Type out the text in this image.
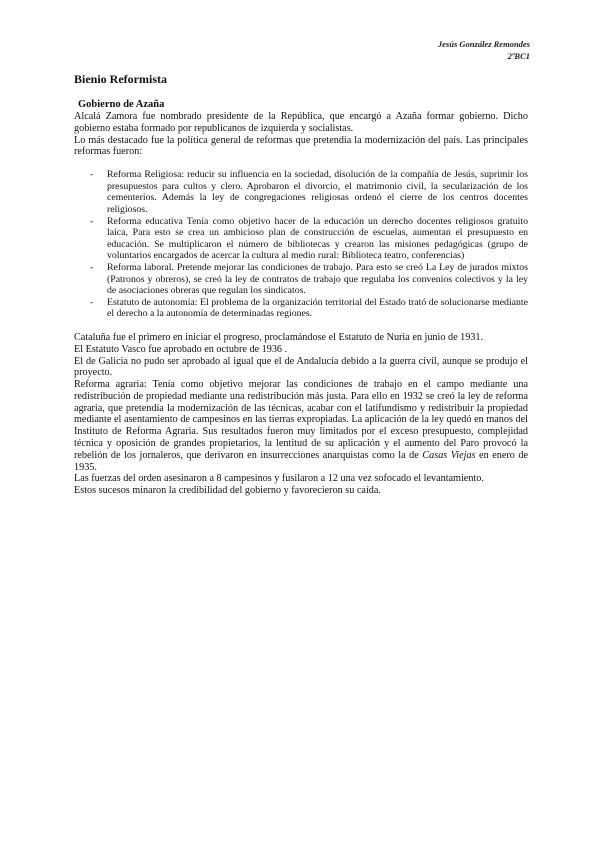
Jesús González Remondes
2ºBC1
Bienio Reformista
Gobierno de Azaña

Alcalá Zamora fue nombrado presidente de la República, que encargó a Azaña formar gobierno. Dicho gobierno estaba formado por republicanos de izquierda y socialistas.

Lo más destacado fue la política general de reformas que pretendía la modernización del país. Las principales reformas fueron:

- Reforma Religiosa: reducir su influencia en la sociedad, disolución de la compañía de Jesús, suprimir los presupuestos para cultos y clero. Aprobaron el divorcio, el matrimonio civil, la secularización de los cementerios. Además la ley de congregaciones religiosas ordenó el cierre de los centros docentes religiosos.
- Reforma educativa Tenía como objetivo hacer de la educación un derecho docentes religiosos gratuito laica, Para esto se crea un ambicioso plan de construcción de escuelas, aumentan el presupuesto en educación. Se multiplicaron el número de bibliotecas y crearon las misiones pedagógicas (grupo de voluntarios encargados de acercar la cultura al medio rural: Biblioteca teatro, conferencias)
- Reforma laboral. Pretende mejorar las condiciones de trabajo. Para esto se creó La Ley de jurados mixtos (Patronos y obreros), se creó la ley de contratos de trabajo que regulaba los convenios colectivos y la ley de asociaciones obreras que regulan los sindicatos.
- Estatuto de autonomía: El problema de la organización territorial del Estado trató de solucionarse mediante el derecho a la autonomía de determinadas regiones.

Cataluña fue el primero en iniciar el progreso, proclamándose el Estatuto de Nuria en junio de 1931.

El Estatuto Vasco fue aprobado en octubre de 1936 .

El de Galicia no pudo ser aprobado al igual que el de Andalucía debido a la guerra civil, aunque se produjo el proyecto.

Reforma agraria: Tenía como objetivo mejorar las condiciones de trabajo en el campo mediante una redistribución de propiedad mediante una redistribución más justa. Para ello en 1932 se creó la ley de reforma agraria, que pretendía la modernización de las técnicas, acabar con el latifundismo y redistribuir la propiedad mediante el asentamiento de campesinos en las tierras expropiadas. La aplicación de la ley quedó en manos del Instituto de Reforma Agraria. Sus resultados fueron muy limitados por el exceso presupuesto, complejidad técnica y oposición de grandes propietarios, la lentitud de su aplicación y el aumento del Paro provocó la rebelión de los jornaleros, que derivaron en insurrecciones anarquistas como la de Casas Viejas en enero de 1935.

Las fuerzas del orden asesinaron a 8 campesinos y fusilaron a 12 una vez sofocado el levantamiento.

Estos sucesos minaron la credibilidad del gobierno y favorecieron su caída.
